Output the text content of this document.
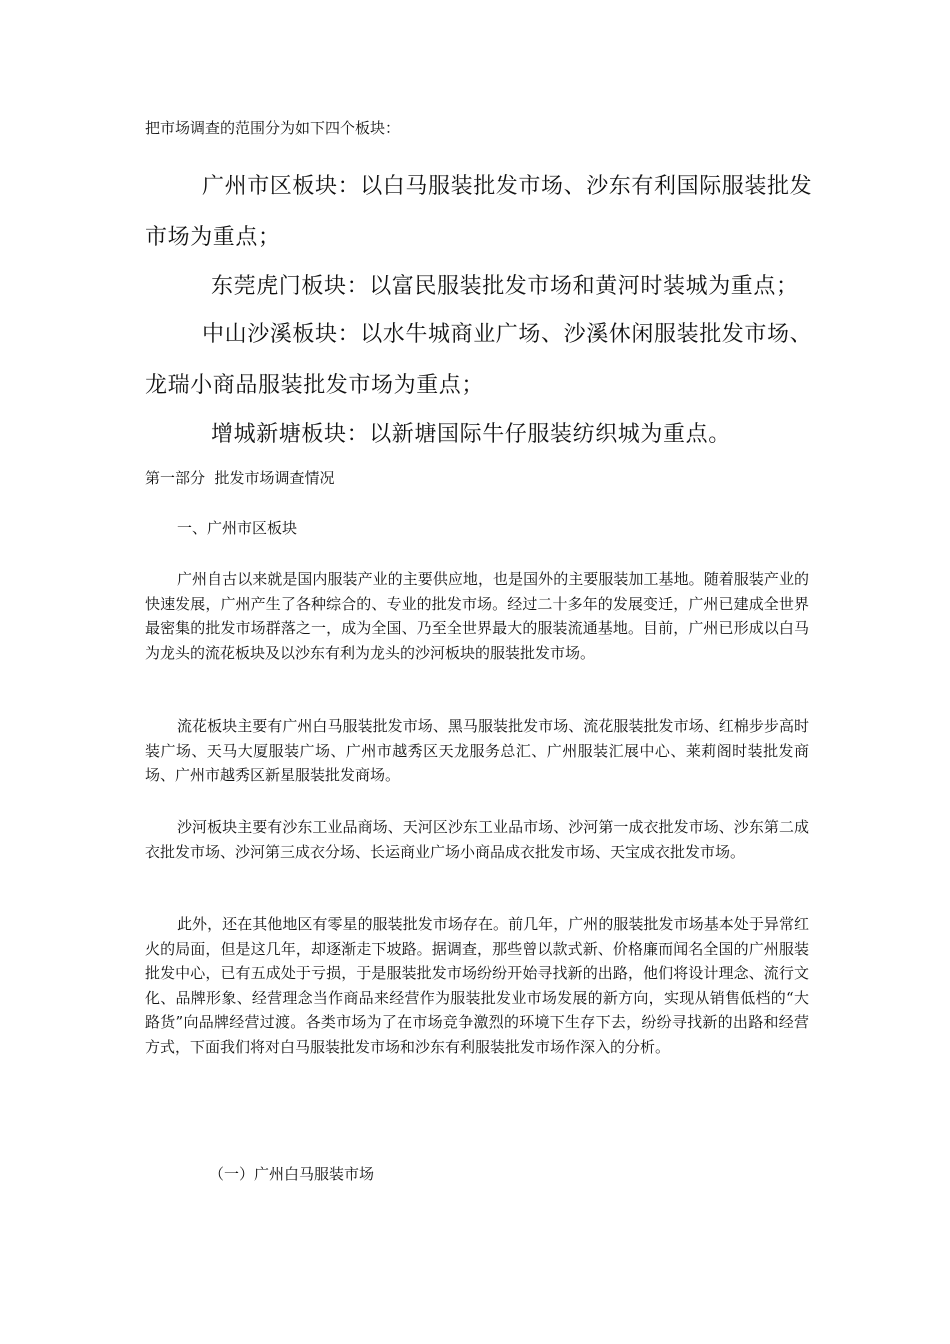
把市场调查的范围分为如下四个板块：
广州市区板块：以白马服装批发市场、沙东有利国际服装批发
市场为重点；
东莞虎门板块：以富民服装批发市场和黄河时装城为重点；
中山沙溪板块：以水牛城商业广场、沙溪休闲服装批发市场、
龙瑞小商品服装批发市场为重点；
增城新塘板块：以新塘国际牛仔服装纺织城为重点。
第一部分  批发市场调查情况
一、广州市区板块
广州自古以来就是国内服装产业的主要供应地，也是国外的主要服装加工基地。随着服装产业的快速发展，广州产生了各种综合的、专业的批发市场。经过二十多年的发展变迁，广州已建成全世界最密集的批发市场群落之一，成为全国、乃至全世界最大的服装流通基地。目前，广州已形成以白马为龙头的流花板块及以沙东有利为龙头的沙河板块的服装批发市场。
流花板块主要有广州白马服装批发市场、黑马服装批发市场、流花服装批发市场、红棉步步高时装广场、天马大厦服装广场、广州市越秀区天龙服务总汇、广州服装汇展中心、莱莉阁时装批发商场、广州市越秀区新星服装批发商场。
沙河板块主要有沙东工业品商场、天河区沙东工业品市场、沙河第一成衣批发市场、沙东第二成衣批发市场、沙河第三成衣分场、长运商业广场小商品成衣批发市场、天宝成衣批发市场。
此外，还在其他地区有零星的服装批发市场存在。前几年，广州的服装批发市场基本处于异常红火的局面，但是这几年，却逐渐走下坡路。据调查，那些曾以款式新、价格廉而闻名全国的广州服装批发中心，已有五成处于亏损，于是服装批发市场纷纷开始寻找新的出路，他们将设计理念、流行文化、品牌形象、经营理念当作商品来经营作为服装批发业市场发展的新方向，实现从销售低档的“大路货”向品牌经营过渡。各类市场为了在市场竞争激烈的环境下生存下去，纷纷寻找新的出路和经营方式，下面我们将对白马服装批发市场和沙东有利服装批发市场作深入的分析。
（一）广州白马服装市场
